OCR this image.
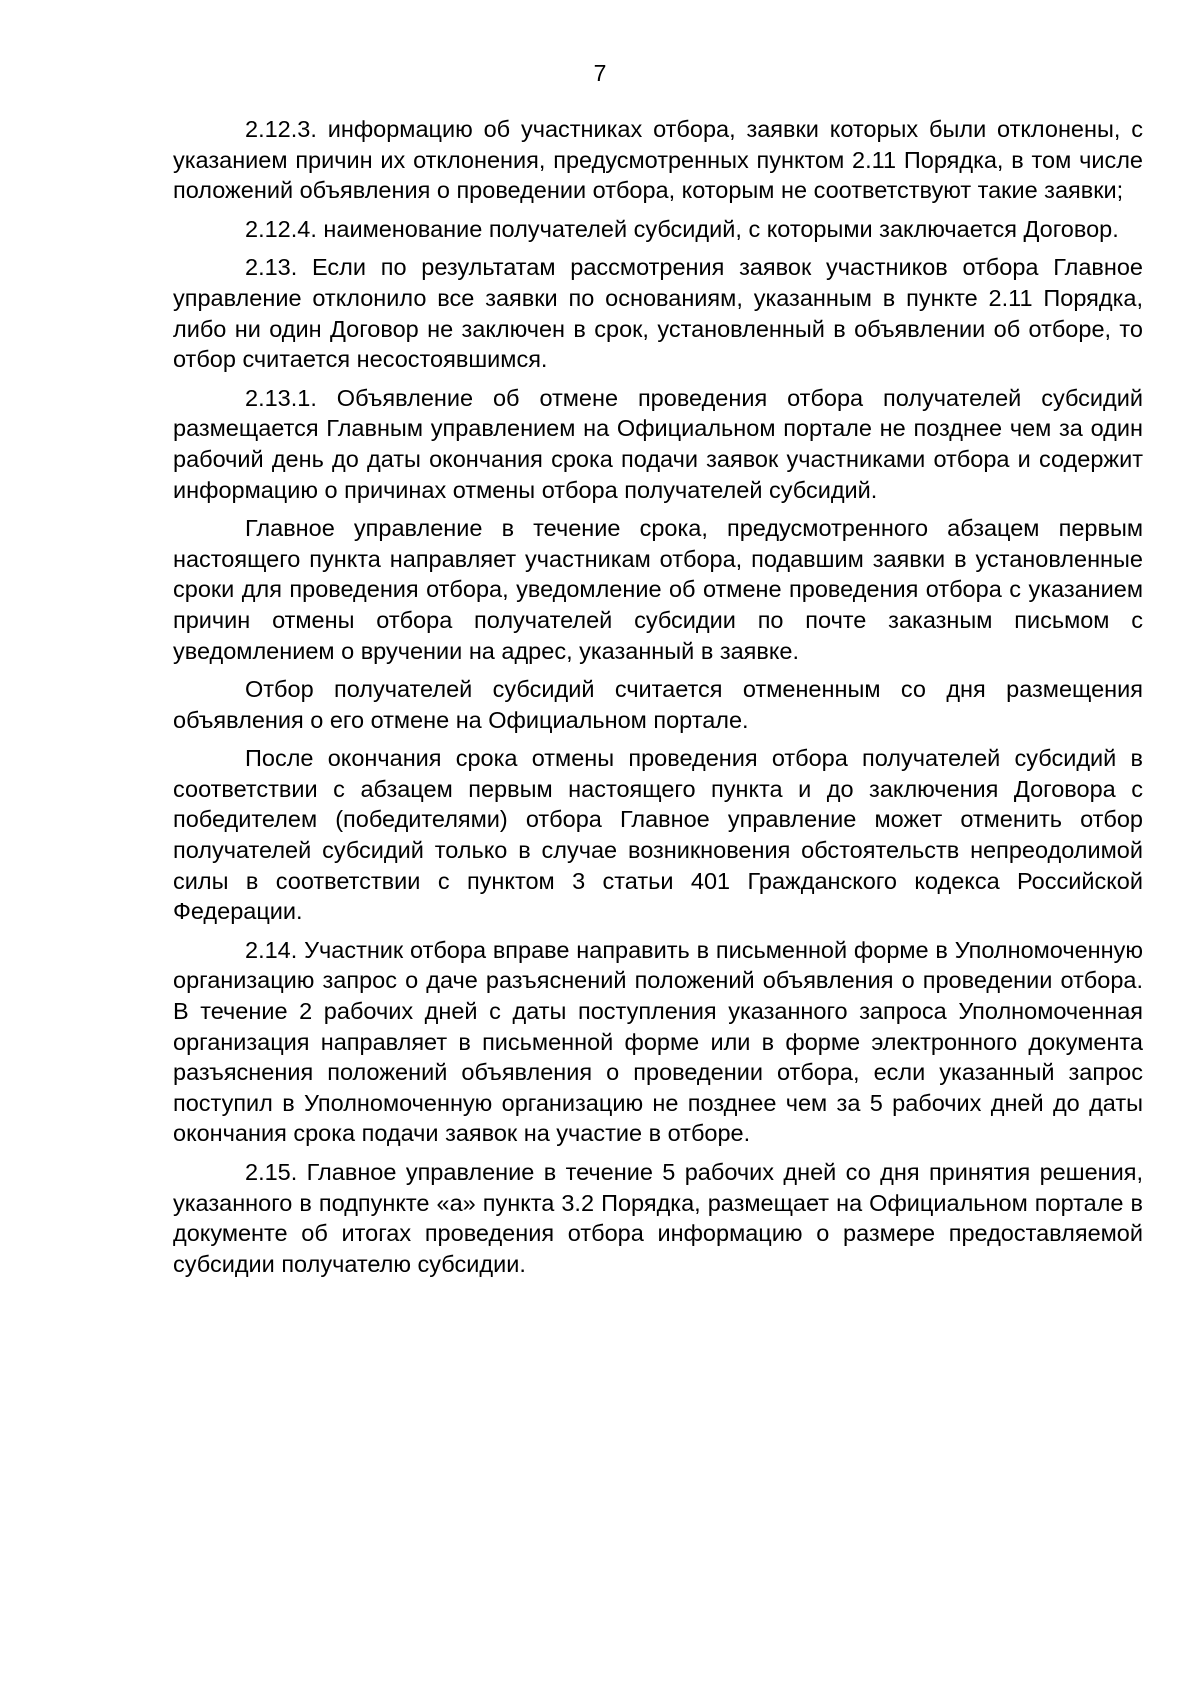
7

2.12.3. информацию об участниках отбора, заявки которых были отклонены, с указанием причин их отклонения, предусмотренных пунктом 2.11 Порядка, в том числе положений объявления о проведении отбора, которым не соответствуют такие заявки;

2.12.4. наименование получателей субсидий, с которыми заключается Договор.

2.13. Если по результатам рассмотрения заявок участников отбора Главное управление отклонило все заявки по основаниям, указанным в пункте 2.11 Порядка, либо ни один Договор не заключен в срок, установленный в объявлении об отборе, то отбор считается несостоявшимся.

2.13.1. Объявление об отмене проведения отбора получателей субсидий размещается Главным управлением на Официальном портале не позднее чем за один рабочий день до даты окончания срока подачи заявок участниками отбора и содержит информацию о причинах отмены отбора получателей субсидий.

Главное управление в течение срока, предусмотренного абзацем первым настоящего пункта направляет участникам отбора, подавшим заявки в установленные сроки для проведения отбора, уведомление об отмене проведения отбора с указанием причин отмены отбора получателей субсидии по почте заказным письмом с уведомлением о вручении на адрес, указанный в заявке.

Отбор получателей субсидий считается отмененным со дня размещения объявления о его отмене на Официальном портале.

После окончания срока отмены проведения отбора получателей субсидий в соответствии с абзацем первым настоящего пункта и до заключения Договора с победителем (победителями) отбора Главное управление может отменить отбор получателей субсидий только в случае возникновения обстоятельств непреодолимой силы в соответствии с пунктом 3 статьи 401 Гражданского кодекса Российской Федерации.

2.14. Участник отбора вправе направить в письменной форме в Уполномоченную организацию запрос о даче разъяснений положений объявления о проведении отбора. В течение 2 рабочих дней с даты поступления указанного запроса Уполномоченная организация направляет в письменной форме или в форме электронного документа разъяснения положений объявления о проведении отбора, если указанный запрос поступил в Уполномоченную организацию не позднее чем за 5 рабочих дней до даты окончания срока подачи заявок на участие в отборе.

2.15. Главное управление в течение 5 рабочих дней со дня принятия решения, указанного в подпункте «а» пункта 3.2 Порядка, размещает на Официальном портале в документе об итогах проведения отбора информацию о размере предоставляемой субсидии получателю субсидии.
